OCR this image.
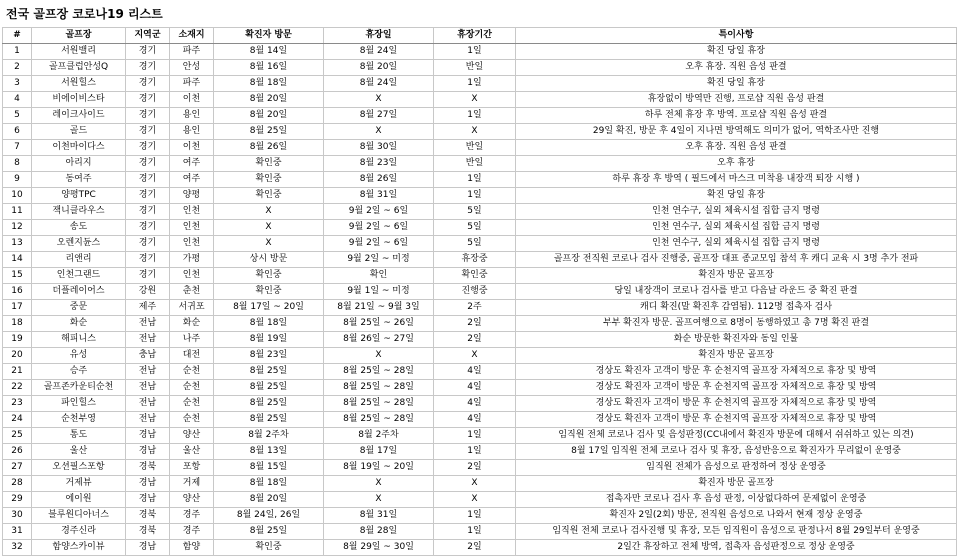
전국 골프장 코로나19 리스트
#	골프장	지역군	소재지	확진자 방문	휴장일	휴장기간	특이사항
1	서원밸리	경기	파주	8월 14일	8월 24일	1일	확진 당일 휴장
2	골프클럽안성Q	경기	안성	8월 16일	8월 20일	반일	오후 휴장. 직원 음성 판결
3	서원힐스	경기	파주	8월 18일	8월 24일	1일	확진 당일 휴장
4	비에이비스타	경기	이천	8월 20일	X	X	휴장없이 방역만 진행, 프로샵 직원 음성 판결
5	레이크사이드	경기	용인	8월 20일	8월 27일	1일	하루 전체 휴장 후 방역. 프로샵 직원 음성 판결
6	골드	경기	용인	8월 25일	X	X	29일 확진, 방문 후 4일이 지나면 방역해도 의미가 없어, 역학조사만 진행
7	이천마이다스	경기	이천	8월 26일	8월 30일	반일	오후 휴장. 직원 음성 판결
8	아리지	경기	여주	확인중	8월 23일	반일	오후 휴장
9	동여주	경기	여주	확인중	8월 26일	1일	하루 휴장 후 방역 ( 필드에서 마스크 미착용 내장객 퇴장 시행 )
10	양평TPC	경기	양평	확인중	8월 31일	1일	확진 당일 휴장
11	잭니클라우스	경기	인천	X	9월 2일 ~ 6일	5일	인천 연수구, 실외 체육시설 집합 금지 명령
12	송도	경기	인천	X	9월 2일 ~ 6일	5일	인천 연수구, 실외 체육시설 집합 금지 명령
13	오렌지듄스	경기	인천	X	9월 2일 ~ 6일	5일	인천 연수구, 실외 체육시설 집합 금지 명령
14	리앤리	경기	가평	상시 방문	9월 2일 ~ 미정	휴장중	골프장 전직원 코로나 검사 진행중, 골프장 대표 종교모임 참석 후 캐디 교육 시 3명 추가 전파
15	인천그랜드	경기	인천	확인중	확인	확인중	확진자 방문 골프장
16	더플레이어스	강원	춘천	확인중	9월 1일 ~ 미정	진행중	당일 내장객이 코로나 검사를 받고 다음날 라운드 중 확진 판결
17	중문	제주	서귀포	8월 17일 ~ 20일	8월 21일 ~ 9월 3일	2주	캐디 확진(말 확진후 감염됨). 112명 접촉자 검사
18	화순	전남	화순	8월 18일	8월 25일 ~ 26일	2일	부부 확진자 방문. 골프여행으로 8명이 동행하였고 총 7명 확진 판결
19	해피니스	전남	나주	8월 19일	8월 26일 ~ 27일	2일	화순 방문한 확진자와 동일 인물
20	유성	충남	대전	8월 23일	X	X	확진자 방문 골프장
21	승주	전남	순천	8월 25일	8월 25일 ~ 28일	4일	경상도 확진자 고객이 방문 후 순천지역 골프장 자체적으로 휴장 및 방역
22	골프존카운티순천	전남	순천	8월 25일	8월 25일 ~ 28일	4일	경상도 확진자 고객이 방문 후 순천지역 골프장 자체적으로 휴장 및 방역
23	파인힐스	전남	순천	8월 25일	8월 25일 ~ 28일	4일	경상도 확진자 고객이 방문 후 순천지역 골프장 자체적으로 휴장 및 방역
24	순천부영	전남	순천	8월 25일	8월 25일 ~ 28일	4일	경상도 확진자 고객이 방문 후 순천지역 골프장 자체적으로 휴장 및 방역
25	통도	경남	양산	8월 2주차	8월 2주차	1일	임직원 전체 코로나 검사 및 음성판정(CC내에서 확진자 방문에 대해서 쉬쉬하고 있는 의견)
26	울산	경남	울산	8월 13일	8월 17일	1일	8월 17일 임직원 전체 코로나 검사 및 휴장, 음성반응으로 확진자가 무리없이 운영중
27	오션필스포항	경북	포항	8월 15일	8월 19일 ~ 20일	2일	임직원 전체가 음성으로 판정하여 정상 운영중
28	거제뷰	경남	거제	8월 18일	X	X	확진자 방문 골프장
29	에이원	경남	양산	8월 20일	X	X	접촉자만 코로나 검사 후 음성 판정, 이상없다하여 문제없이 운영중
30	블루원디아너스	경북	경주	8월 24일, 26일	8월 31일	1일	확진자 2일(2회) 방문, 전직원 음성으로 나와서 현재 정상 운영중
31	경주신라	경북	경주	8월 25일	8월 28일	1일	임직원 전체 코로나 검사진행 및 휴장, 모든 임직원이 음성으로 판정나서 8월 29일부터 운영중
32	함양스카이뷰	경남	함양	확인중	8월 29일 ~ 30일	2일	2일간 휴장하고 전체 방역, 접촉자 음성판정으로 정상 운영중
